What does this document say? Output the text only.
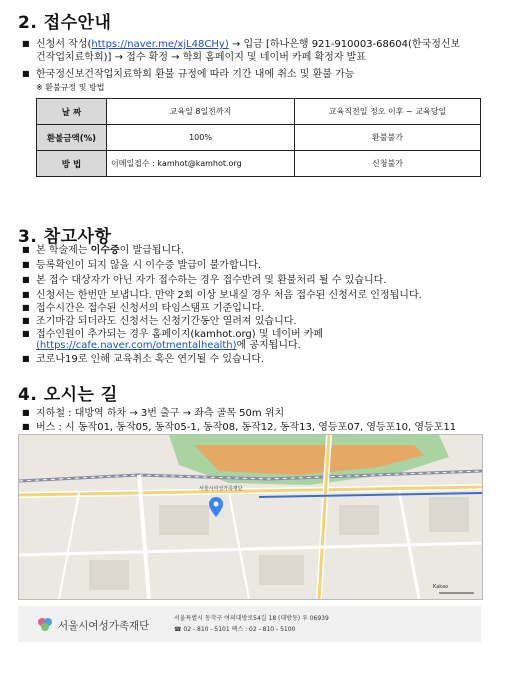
2. 접수안내
■ 신청서 작성(https://naver.me/xjL48CHy) → 입금 [하나은행 921-910003-68604(한국정신보
건작업치료학회)] → 접수 확정 → 학회 홈페이지 및 네이버 카페 확정자 발표
■ 한국정신보건작업치료학회 환불 규정에 따라 기간 내에 취소 및 환불 가능
※ 환불규정 및 방법
날 짜	교육일 8일전까지	교육직전일 정오 이후 ~ 교육당일
환불금액(%)	100%	환불불가
방 법	이메일접수 : kamhot@kamhot.org	신청불가
3. 참고사항
■ 본 학술제는 이수증이 발급됩니다.
■ 등록확인이 되지 않을 시 이수증 발급이 불가합니다.
■ 본 접수 대상자가 아닌 자가 접수하는 경우 접수반려 및 환불처리 될 수 있습니다.
■ 신청서는 한번만 보냅니다. 만약 2회 이상 보내실 경우 처음 접수된 신청서로 인정됩니다.
■ 접수시간은 접수된 신청서의 타임스탬프 기준입니다.
■ 조기마감 되더라도 신청서는 신청기간동안 열려져 있습니다.
■ 접수인원이 추가되는 경우 홈페이지(kamhot.org) 및 네이버 카페
(https://cafe.naver.com/otmentalhealth)에 공지됩니다.
■ 코로나19로 인해 교육취소 혹은 연기될 수 있습니다.
4. 오시는 길
■ 지하철 : 대방역 하차 → 3번 출구 → 좌측 골목 50m 위치
■ 버스 : 시 동작01, 동작05, 동작05-1, 동작08, 동작12, 동작13, 영등포07, 영등포10, 영등포11
서울시여성가족재단
Kakao
서울시여성가족재단
서울특별시 동작구 여의대방로54길 18 (대방동) 우 06939
☎ 02 - 810 - 5101 팩스 : 02 - 810 - 5100
